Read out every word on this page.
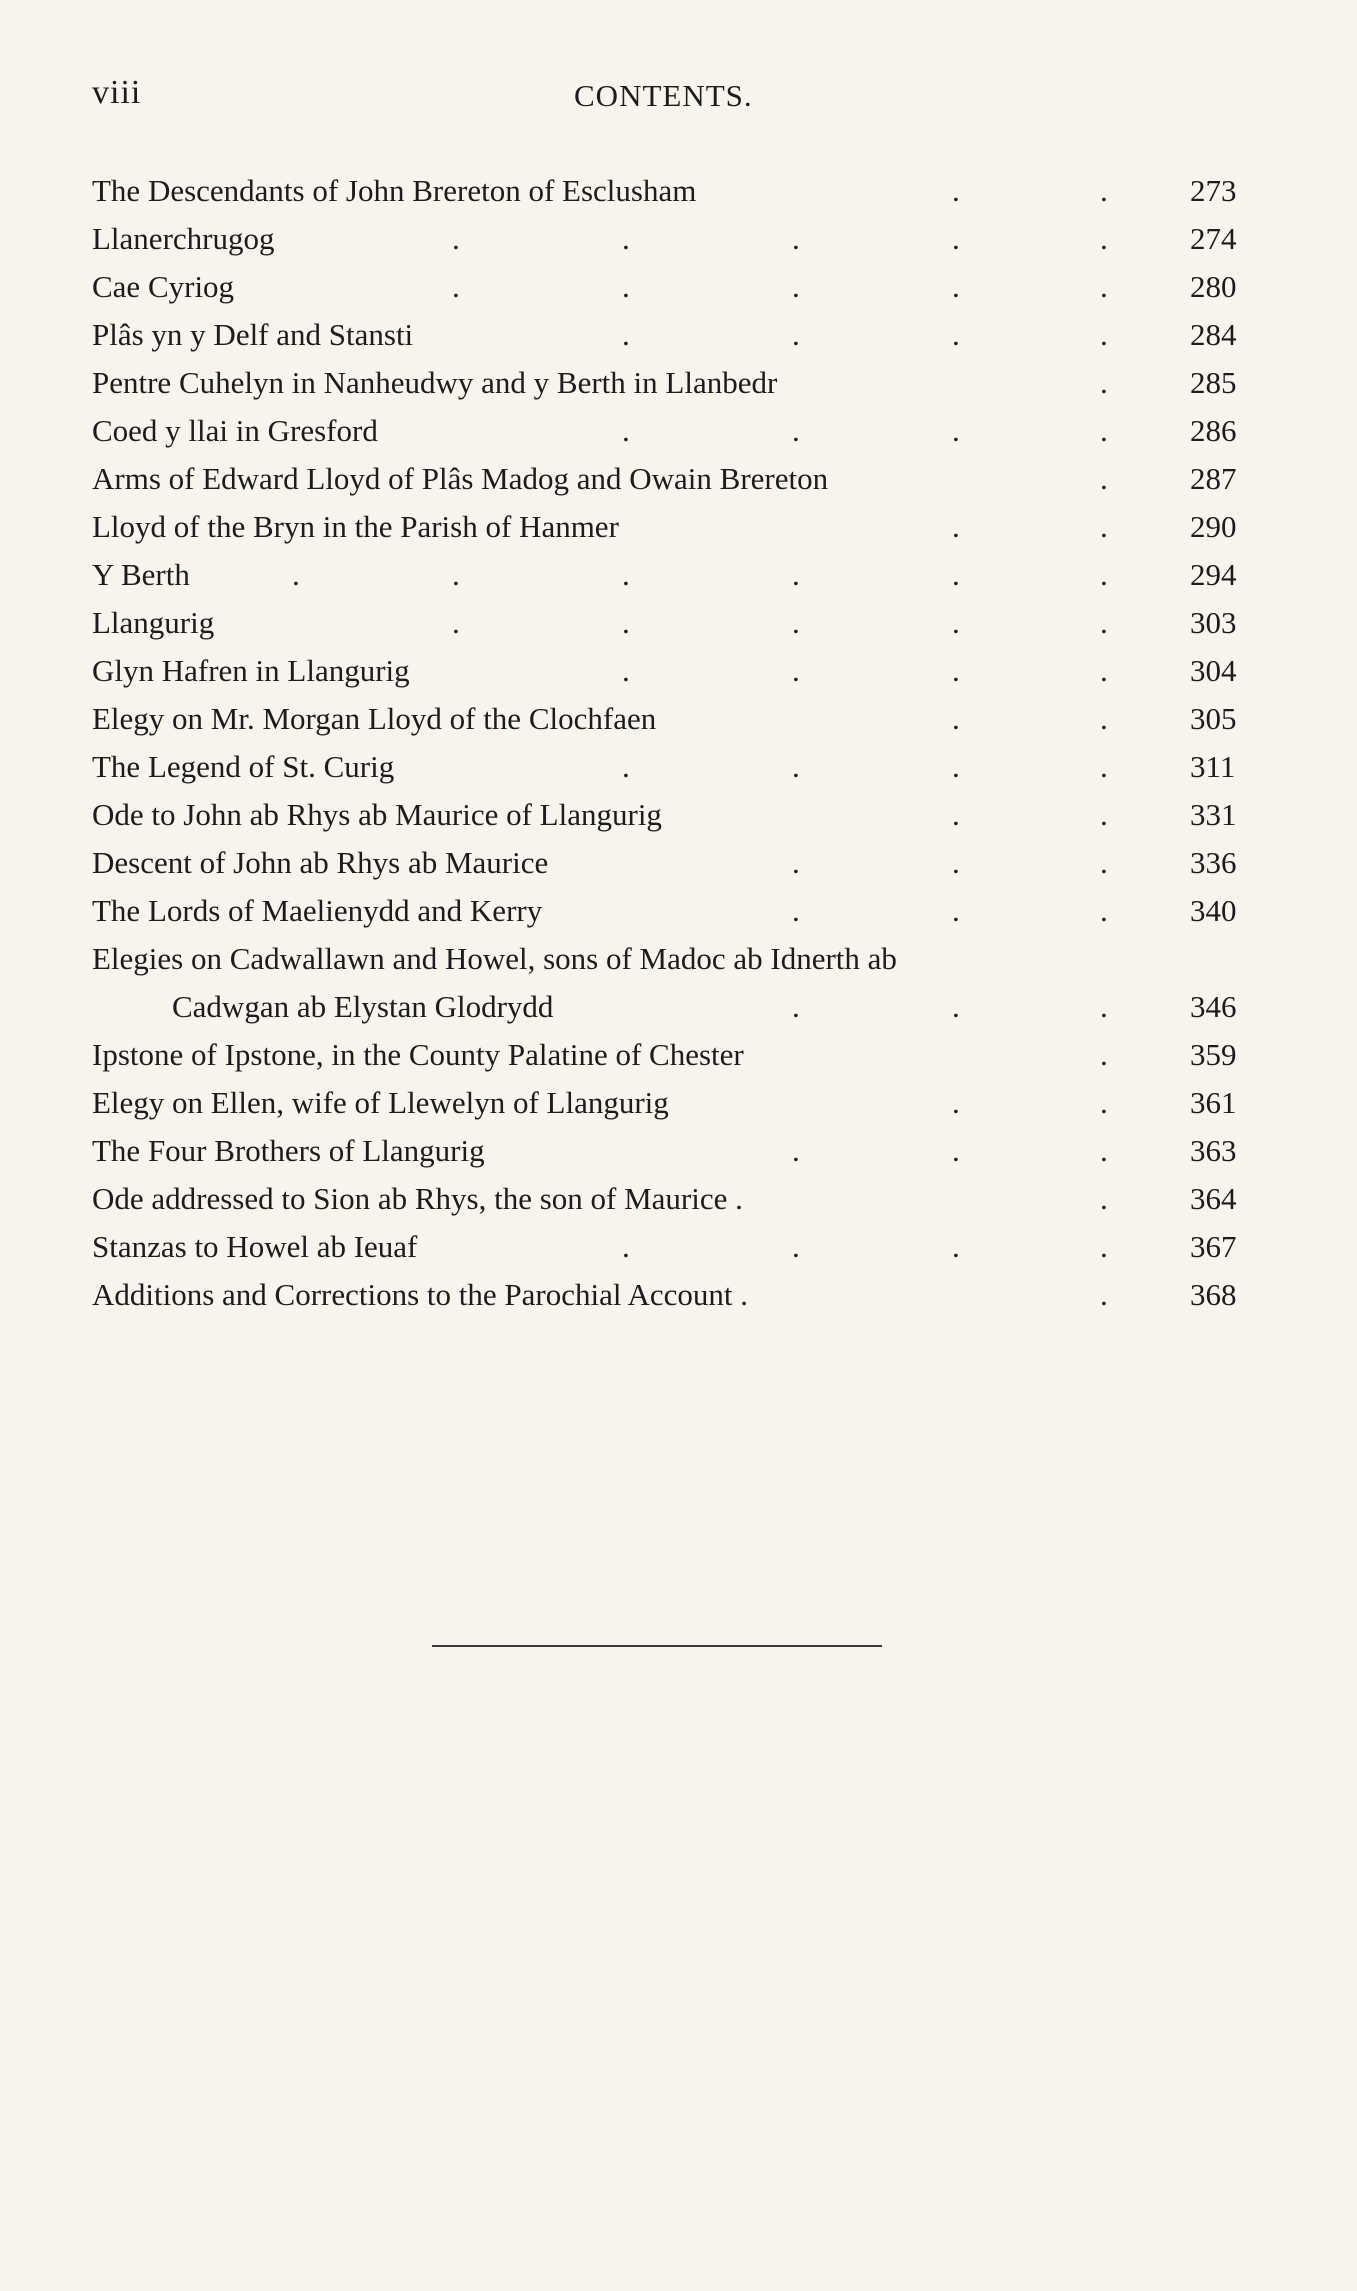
viii	CONTENTS.
The Descendants of John Brereton of Esclusham	.	.	273
Llanerchrugog	.	.	.	.	.	274
Cae Cyriog	.	.	.	.	.	280
Plâs yn y Delf and Stansti	.	.	.	.	284
Pentre Cuhelyn in Nanheudwy and y Berth in Llanbedr	.	285
Coed y llai in Gresford	.	.	.	.	286
Arms of Edward Lloyd of Plâs Madog and Owain Brereton	.	287
Lloyd of the Bryn in the Parish of Hanmer	.	.	290
Y Berth	.	.	.	.	.	.	294
Llangurig	.	.	.	.	.	303
Glyn Hafren in Llangurig	.	.	.	.	304
Elegy on Mr. Morgan Lloyd of the Clochfaen	.	.	305
The Legend of St. Curig	.	.	.	.	311
Ode to John ab Rhys ab Maurice of Llangurig	.	.	331
Descent of John ab Rhys ab Maurice	.	.	.	336
The Lords of Maelienydd and Kerry	.	.	.	340
Elegies on Cadwallawn and Howel, sons of Madoc ab Idnerth ab
Cadwgan ab Elystan Glodrydd	.	.	.	346
Ipstone of Ipstone, in the County Palatine of Chester	.	359
Elegy on Ellen, wife of Llewelyn of Llangurig	.	.	361
The Four Brothers of Llangurig	.	.	.	363
Ode addressed to Sion ab Rhys, the son of Maurice .	.	364
Stanzas to Howel ab Ieuaf	.	.	.	.	367
Additions and Corrections to the Parochial Account .	.	368
